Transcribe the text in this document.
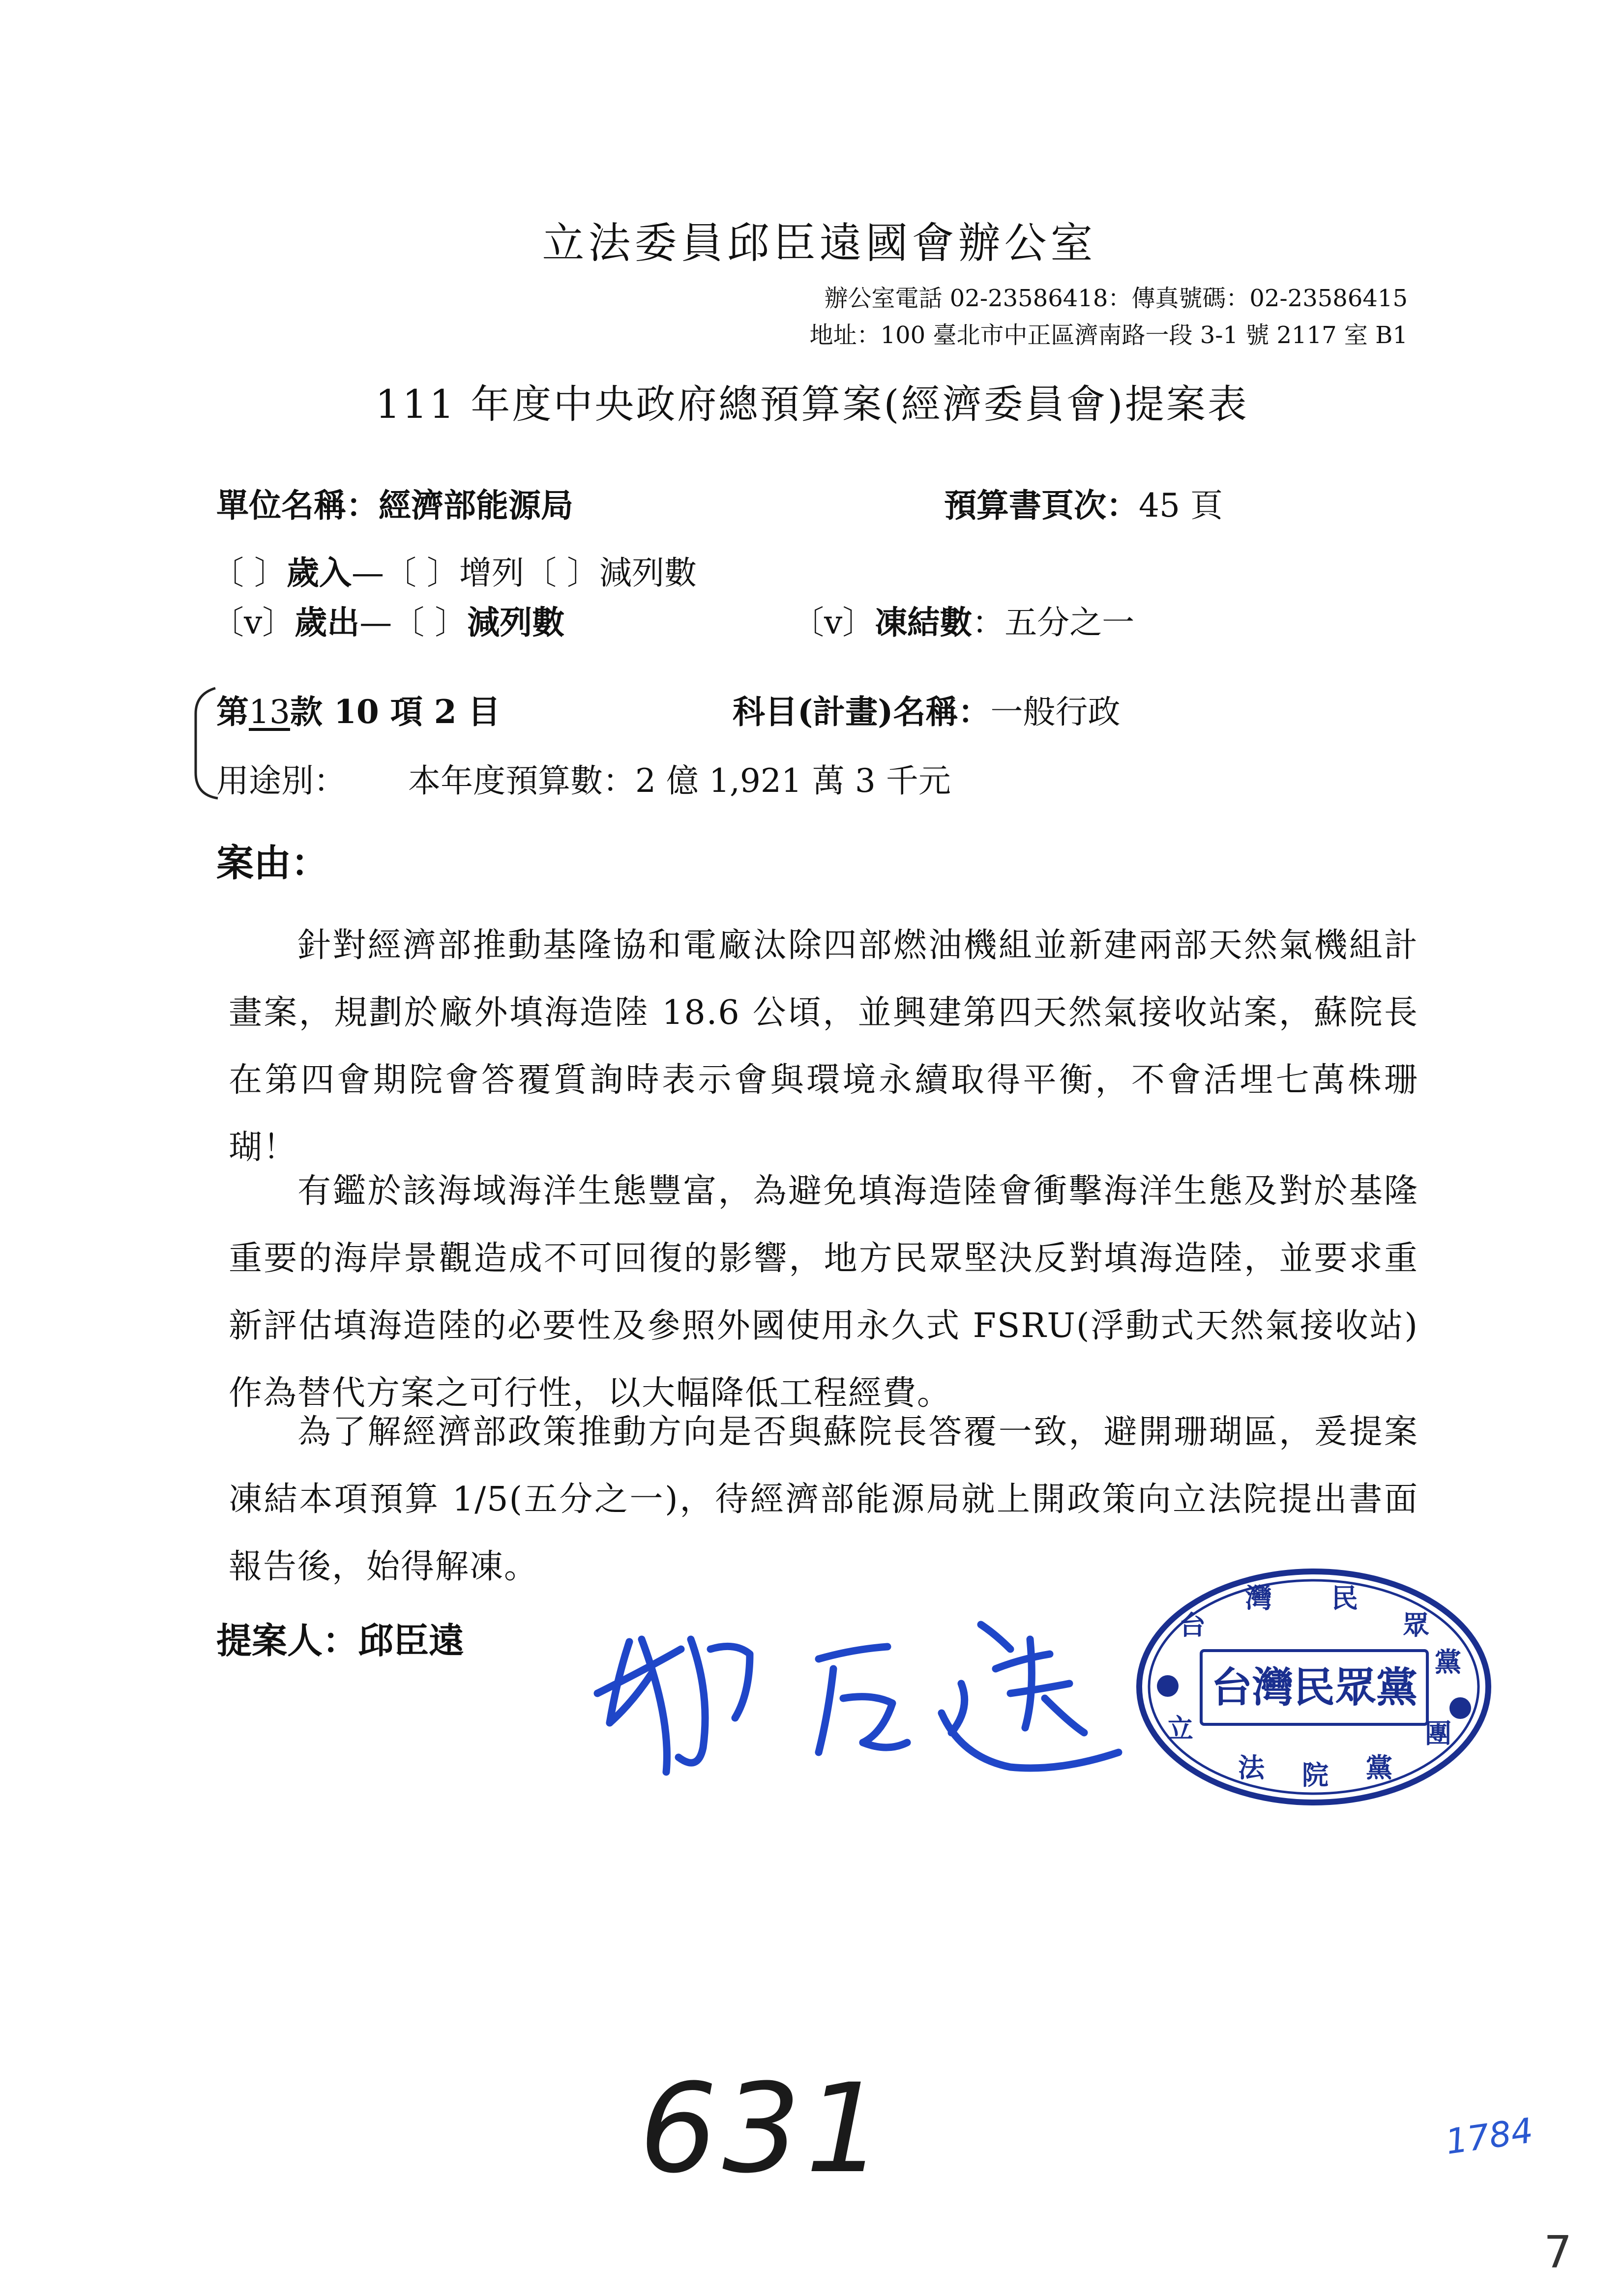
立法委員邱臣遠國會辦公室
辦公室電話 02-23586418：傳真號碼：02-23586415
地址：100 臺北市中正區濟南路一段 3-1 號 2117 室 B1
111 年度中央政府總預算案(經濟委員會)提案表
單位名稱：經濟部能源局	預算書頁次：45 頁
〔 〕歲入—〔 〕增列〔 〕減列數
〔v〕歲出—〔 〕減列數	〔v〕凍結數：五分之一
第13款 10 項 2 目	科目(計畫)名稱：一般行政
用途別： 本年度預算數：2 億 1,921 萬 3 千元
案由：
針對經濟部推動基隆協和電廠汰除四部燃油機組並新建兩部天然氣機組計畫案，規劃於廠外填海造陸 18.6 公頃，並興建第四天然氣接收站案，蘇院長在第四會期院會答覆質詢時表示會與環境永續取得平衡，不會活埋七萬株珊瑚！
有鑑於該海域海洋生態豐富，為避免填海造陸會衝擊海洋生態及對於基隆重要的海岸景觀造成不可回復的影響，地方民眾堅決反對填海造陸，並要求重新評估填海造陸的必要性及參照外國使用永久式 FSRU(浮動式天然氣接收站)作為替代方案之可行性，以大幅降低工程經費。
為了解經濟部政策推動方向是否與蘇院長答覆一致，避開珊瑚區，爰提案凍結本項預算 1/5(五分之一)，待經濟部能源局就上開政策向立法院提出書面報告後，始得解凍。
提案人：邱臣遠
台灣民眾黨
台
灣 民
眾
黨
立
法 院 黨
團
631	1784
7
